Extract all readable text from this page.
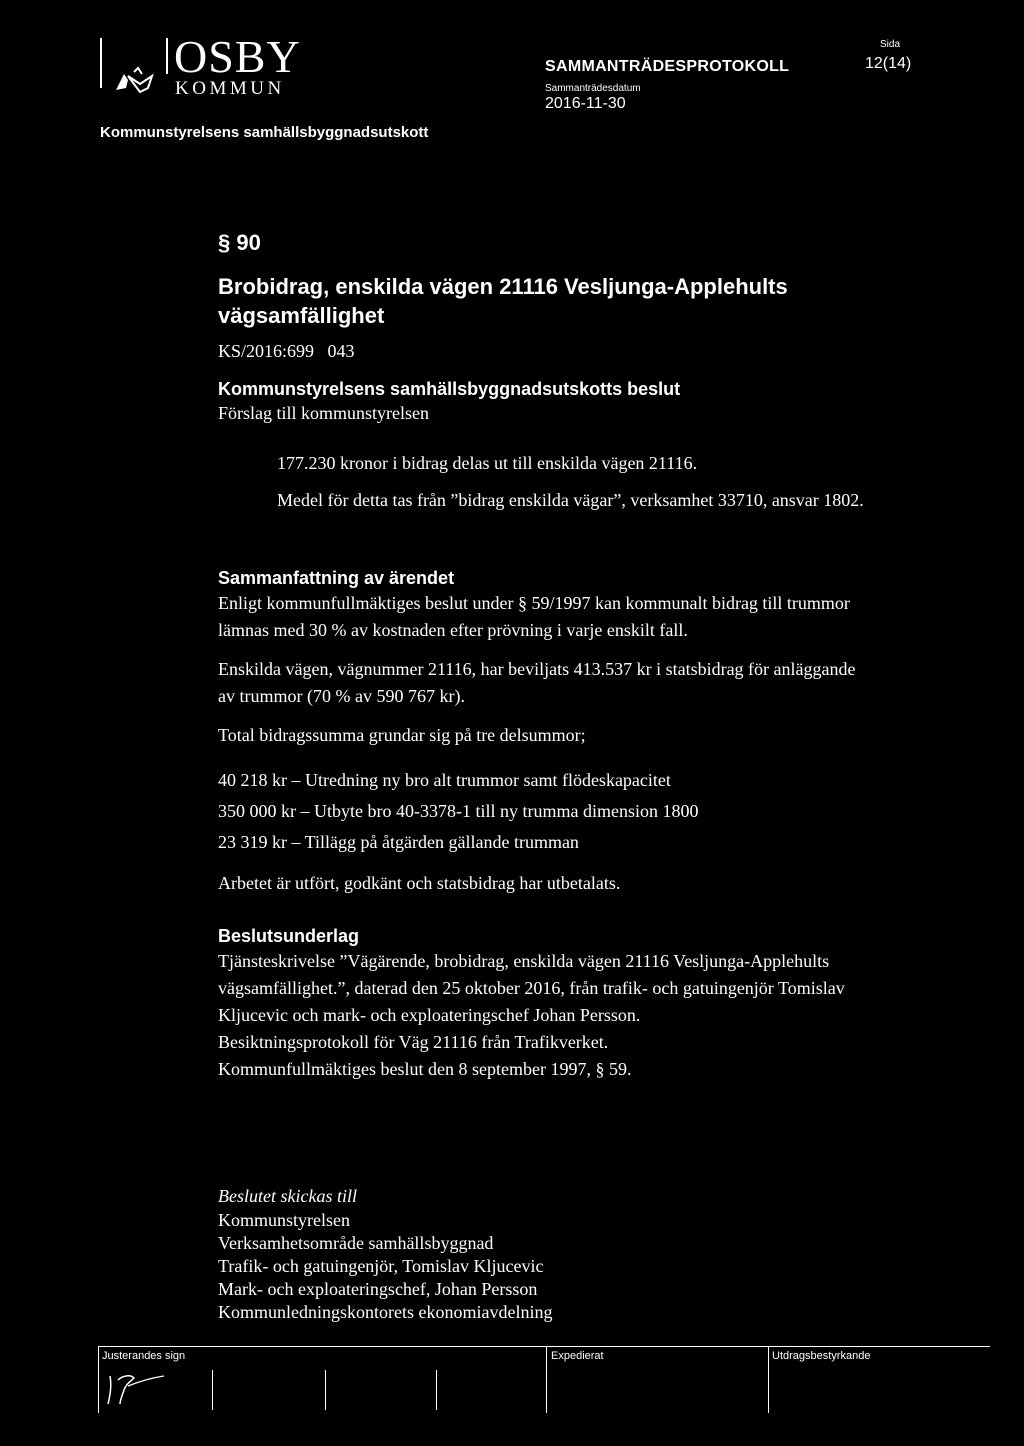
OSBY
KOMMUN
SAMMANTRÄDESPROTOKOLL
Sammanträdesdatum
2016-11-30
Sida
12(14)
Kommunstyrelsens samhällsbyggnadsutskott
§ 90
Brobidrag, enskilda vägen 21116 Vesljunga-Applehults vägsamfällighet
KS/2016:699   043
Kommunstyrelsens samhällsbyggnadsutskotts beslut
Förslag till kommunstyrelsen

177.230 kronor i bidrag delas ut till enskilda vägen 21116.

Medel för detta tas från ”bidrag enskilda vägar”, verksamhet 33710, ansvar 1802.

Sammanfattning av ärendet

Enligt kommunfullmäktiges beslut under § 59/1997 kan kommunalt bidrag till trummor lämnas med 30 % av kostnaden efter prövning i varje enskilt fall.

Enskilda vägen, vägnummer 21116, har beviljats 413.537 kr i statsbidrag för anläggande av trummor (70 % av 590 767 kr).

Total bidragssumma grundar sig på tre delsummor;

40 218 kr – Utredning ny bro alt trummor samt flödeskapacitet
350 000 kr – Utbyte bro 40-3378-1 till ny trumma dimension 1800
23 319 kr – Tillägg på åtgärden gällande trumman

Arbetet är utfört, godkänt och statsbidrag har utbetalats.

Beslutsunderlag

Tjänsteskrivelse ”Vägärende, brobidrag, enskilda vägen 21116 Vesljunga-Applehults vägsamfällighet.”, daterad den 25 oktober 2016, från trafik- och gatuingenjör Tomislav Kljucevic och mark- och exploateringschef Johan Persson.

Besiktningsprotokoll för Väg 21116 från Trafikverket.

Kommunfullmäktiges beslut den 8 september 1997, § 59.

Beslutet skickas till
Kommunstyrelsen
Verksamhetsområde samhällsbyggnad
Trafik- och gatuingenjör, Tomislav Kljucevic
Mark- och exploateringschef, Johan Persson
Kommunledningskontorets ekonomiavdelning
Justerandes sign	Expedierat	Utdragsbestyrkande
